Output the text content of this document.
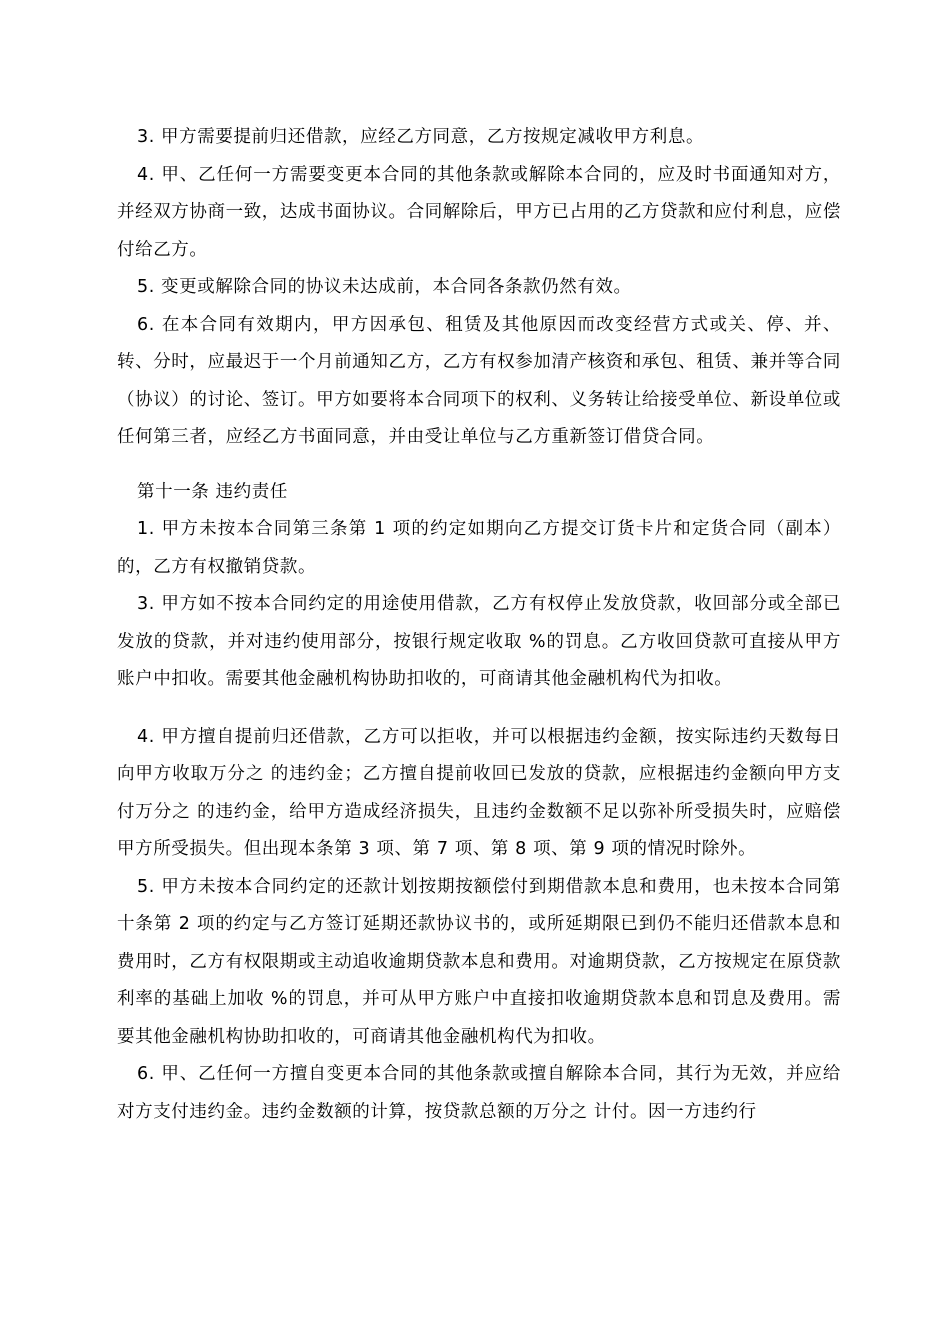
3. 甲方需要提前归还借款，应经乙方同意，乙方按规定减收甲方利息。

4. 甲、乙任何一方需要变更本合同的其他条款或解除本合同的，应及时书面通知对方，并经双方协商一致，达成书面协议。合同解除后，甲方已占用的乙方贷款和应付利息，应偿付给乙方。

5. 变更或解除合同的协议未达成前，本合同各条款仍然有效。

6. 在本合同有效期内，甲方因承包、租赁及其他原因而改变经营方式或关、停、并、转、分时，应最迟于一个月前通知乙方，乙方有权参加清产核资和承包、租赁、兼并等合同（协议）的讨论、签订。甲方如要将本合同项下的权利、义务转让给接受单位、新设单位或任何第三者，应经乙方书面同意，并由受让单位与乙方重新签订借贷合同。

第十一条 违约责任

1. 甲方未按本合同第三条第 1 项的约定如期向乙方提交订货卡片和定货合同（副本）的，乙方有权撤销贷款。

3. 甲方如不按本合同约定的用途使用借款，乙方有权停止发放贷款，收回部分或全部已发放的贷款，并对违约使用部分，按银行规定收取 %的罚息。乙方收回贷款可直接从甲方账户中扣收。需要其他金融机构协助扣收的，可商请其他金融机构代为扣收。

4. 甲方擅自提前归还借款，乙方可以拒收，并可以根据违约金额，按实际违约天数每日向甲方收取万分之 的违约金；乙方擅自提前收回已发放的贷款，应根据违约金额向甲方支付万分之 的违约金，给甲方造成经济损失，且违约金数额不足以弥补所受损失时，应赔偿甲方所受损失。但出现本条第 3 项、第 7 项、第 8 项、第 9 项的情况时除外。

5. 甲方未按本合同约定的还款计划按期按额偿付到期借款本息和费用，也未按本合同第十条第 2 项的约定与乙方签订延期还款协议书的，或所延期限已到仍不能归还借款本息和费用时，乙方有权限期或主动追收逾期贷款本息和费用。对逾期贷款，乙方按规定在原贷款利率的基础上加收 %的罚息，并可从甲方账户中直接扣收逾期贷款本息和罚息及费用。需要其他金融机构协助扣收的，可商请其他金融机构代为扣收。

6. 甲、乙任何一方擅自变更本合同的其他条款或擅自解除本合同，其行为无效，并应给对方支付违约金。违约金数额的计算，按贷款总额的万分之 计付。因一方违约行
